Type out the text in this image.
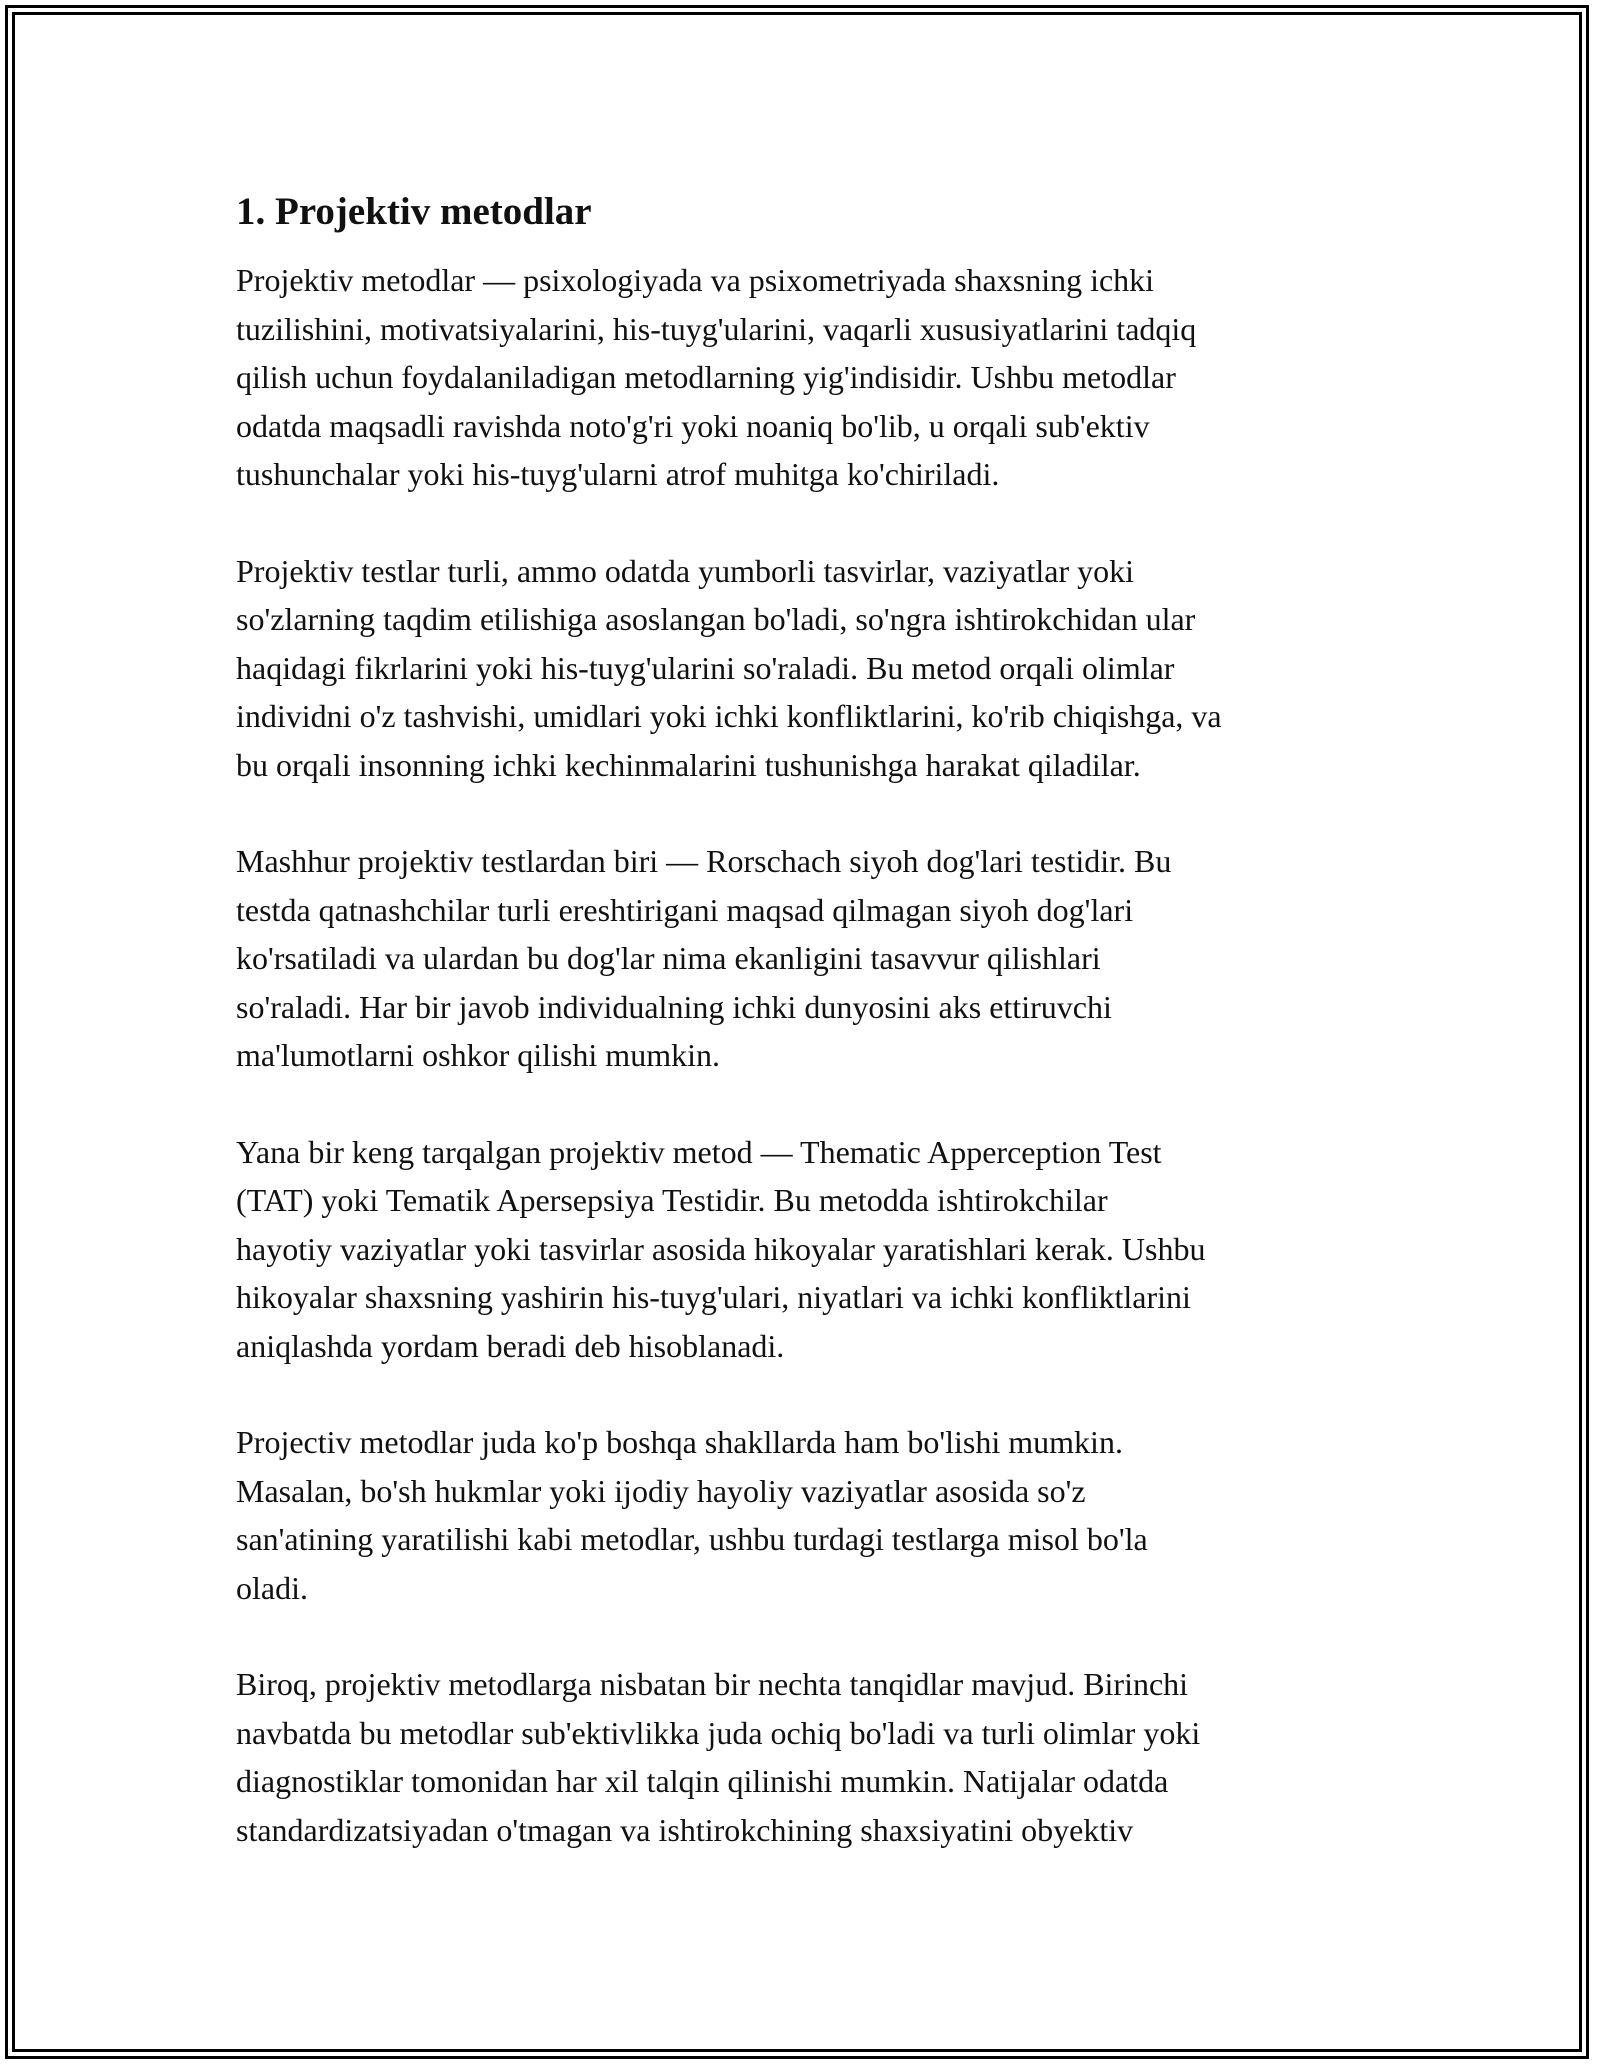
1. Projektiv metodlar

Projektiv metodlar — psixologiyada va psixometriyada shaxsning ichki
tuzilishini, motivatsiyalarini, his-tuyg'ularini, vaqarli xususiyatlarini tadqiq
qilish uchun foydalaniladigan metodlarning yig'indisidir. Ushbu metodlar
odatda maqsadli ravishda noto'g'ri yoki noaniq bo'lib, u orqali sub'ektiv
tushunchalar yoki his-tuyg'ularni atrof muhitga ko'chiriladi.

Projektiv testlar turli, ammo odatda yumborli tasvirlar, vaziyatlar yoki
so'zlarning taqdim etilishiga asoslangan bo'ladi, so'ngra ishtirokchidan ular
haqidagi fikrlarini yoki his-tuyg'ularini so'raladi. Bu metod orqali olimlar
individni o'z tashvishi, umidlari yoki ichki konfliktlarini, ko'rib chiqishga, va
bu orqali insonning ichki kechinmalarini tushunishga harakat qiladilar.

Mashhur projektiv testlardan biri — Rorschach siyoh dog'lari testidir. Bu
testda qatnashchilar turli ereshtirigani maqsad qilmagan siyoh dog'lari
ko'rsatiladi va ulardan bu dog'lar nima ekanligini tasavvur qilishlari
so'raladi. Har bir javob individualning ichki dunyosini aks ettiruvchi
ma'lumotlarni oshkor qilishi mumkin.

Yana bir keng tarqalgan projektiv metod — Thematic Apperception Test
(TAT) yoki Tematik Apersepsiya Testidir. Bu metodda ishtirokchilar
hayotiy vaziyatlar yoki tasvirlar asosida hikoyalar yaratishlari kerak. Ushbu
hikoyalar shaxsning yashirin his-tuyg'ulari, niyatlari va ichki konfliktlarini
aniqlashda yordam beradi deb hisoblanadi.

Projectiv metodlar juda ko'p boshqa shakllarda ham bo'lishi mumkin.
Masalan, bo'sh hukmlar yoki ijodiy hayoliy vaziyatlar asosida so'z
san'atining yaratilishi kabi metodlar, ushbu turdagi testlarga misol bo'la
oladi.

Biroq, projektiv metodlarga nisbatan bir nechta tanqidlar mavjud. Birinchi
navbatda bu metodlar sub'ektivlikka juda ochiq bo'ladi va turli olimlar yoki
diagnostiklar tomonidan har xil talqin qilinishi mumkin. Natijalar odatda
standardizatsiyadan o'tmagan va ishtirokchining shaxsiyatini obyektiv
